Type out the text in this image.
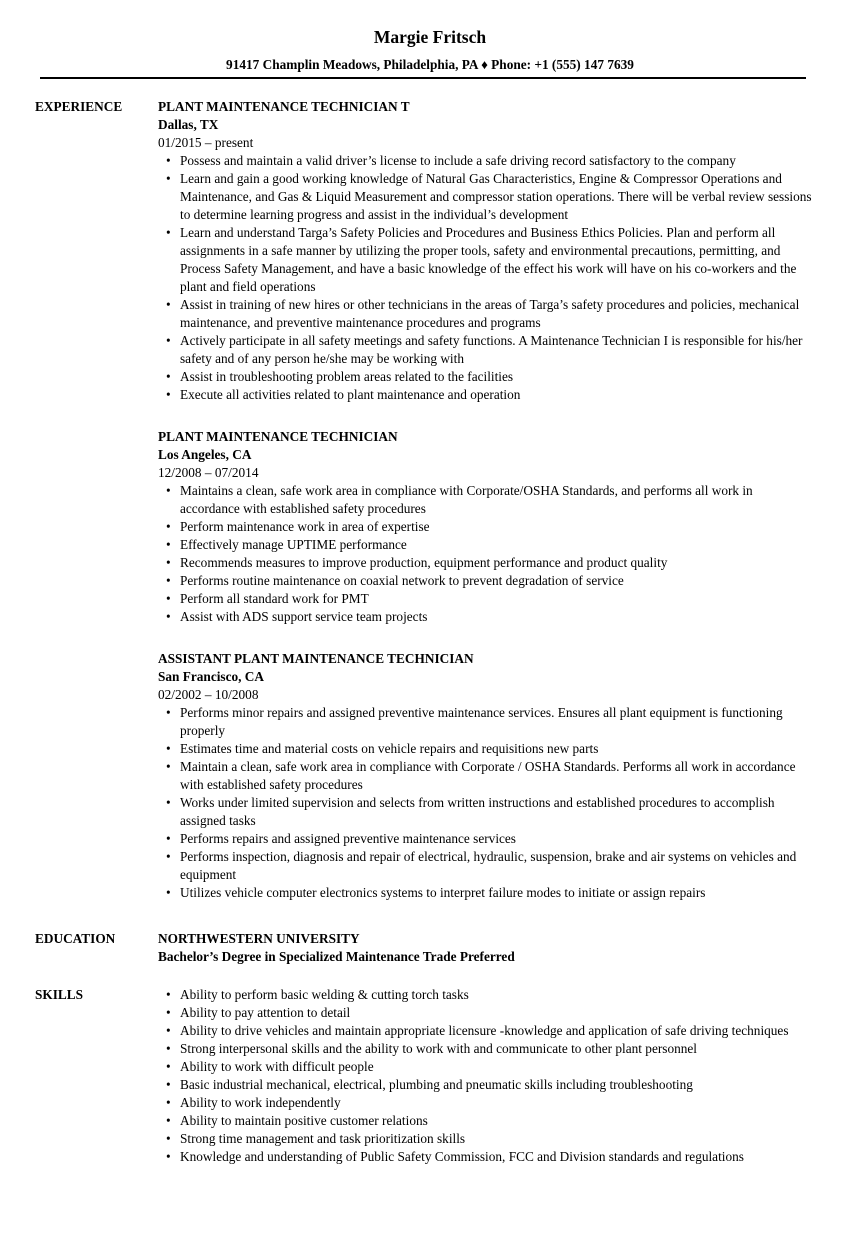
Margie Fritsch
91417 Champlin Meadows, Philadelphia, PA ♦ Phone: +1 (555) 147 7639
EXPERIENCE	PLANT MAINTENANCE TECHNICIAN T
Dallas, TX
01/2015 – present
• Possess and maintain a valid driver’s license to include a safe driving record satisfactory to the company
• Learn and gain a good working knowledge of Natural Gas Characteristics, Engine & Compressor Operations and Maintenance, and Gas & Liquid Measurement and compressor station operations. There will be verbal review sessions to determine learning progress and assist in the individual’s development
• Learn and understand Targa’s Safety Policies and Procedures and Business Ethics Policies. Plan and perform all assignments in a safe manner by utilizing the proper tools, safety and environmental precautions, permitting, and Process Safety Management, and have a basic knowledge of the effect his work will have on his co-workers and the plant and field operations
• Assist in training of new hires or other technicians in the areas of Targa’s safety procedures and policies, mechanical maintenance, and preventive maintenance procedures and programs
• Actively participate in all safety meetings and safety functions. A Maintenance Technician I is responsible for his/her safety and of any person he/she may be working with
• Assist in troubleshooting problem areas related to the facilities
• Execute all activities related to plant maintenance and operation
PLANT MAINTENANCE TECHNICIAN
Los Angeles, CA
12/2008 – 07/2014
• Maintains a clean, safe work area in compliance with Corporate/OSHA Standards, and performs all work in accordance with established safety procedures
• Perform maintenance work in area of expertise
• Effectively manage UPTIME performance
• Recommends measures to improve production, equipment performance and product quality
• Performs routine maintenance on coaxial network to prevent degradation of service
• Perform all standard work for PMT
• Assist with ADS support service team projects
ASSISTANT PLANT MAINTENANCE TECHNICIAN
San Francisco, CA
02/2002 – 10/2008
• Performs minor repairs and assigned preventive maintenance services. Ensures all plant equipment is functioning properly
• Estimates time and material costs on vehicle repairs and requisitions new parts
• Maintain a clean, safe work area in compliance with Corporate / OSHA Standards. Performs all work in accordance with established safety procedures
• Works under limited supervision and selects from written instructions and established procedures to accomplish assigned tasks
• Performs repairs and assigned preventive maintenance services
• Performs inspection, diagnosis and repair of electrical, hydraulic, suspension, brake and air systems on vehicles and equipment
• Utilizes vehicle computer electronics systems to interpret failure modes to initiate or assign repairs
EDUCATION	NORTHWESTERN UNIVERSITY
Bachelor’s Degree in Specialized Maintenance Trade Preferred
SKILLS
•	Ability to perform basic welding & cutting torch tasks
• Ability to pay attention to detail
• Ability to drive vehicles and maintain appropriate licensure -knowledge and application of safe driving techniques
• Strong interpersonal skills and the ability to work with and communicate to other plant personnel
• Ability to work with difficult people
• Basic industrial mechanical, electrical, plumbing and pneumatic skills including troubleshooting
• Ability to work independently
• Ability to maintain positive customer relations
• Strong time management and task prioritization skills
• Knowledge and understanding of Public Safety Commission, FCC and Division standards and regulations
